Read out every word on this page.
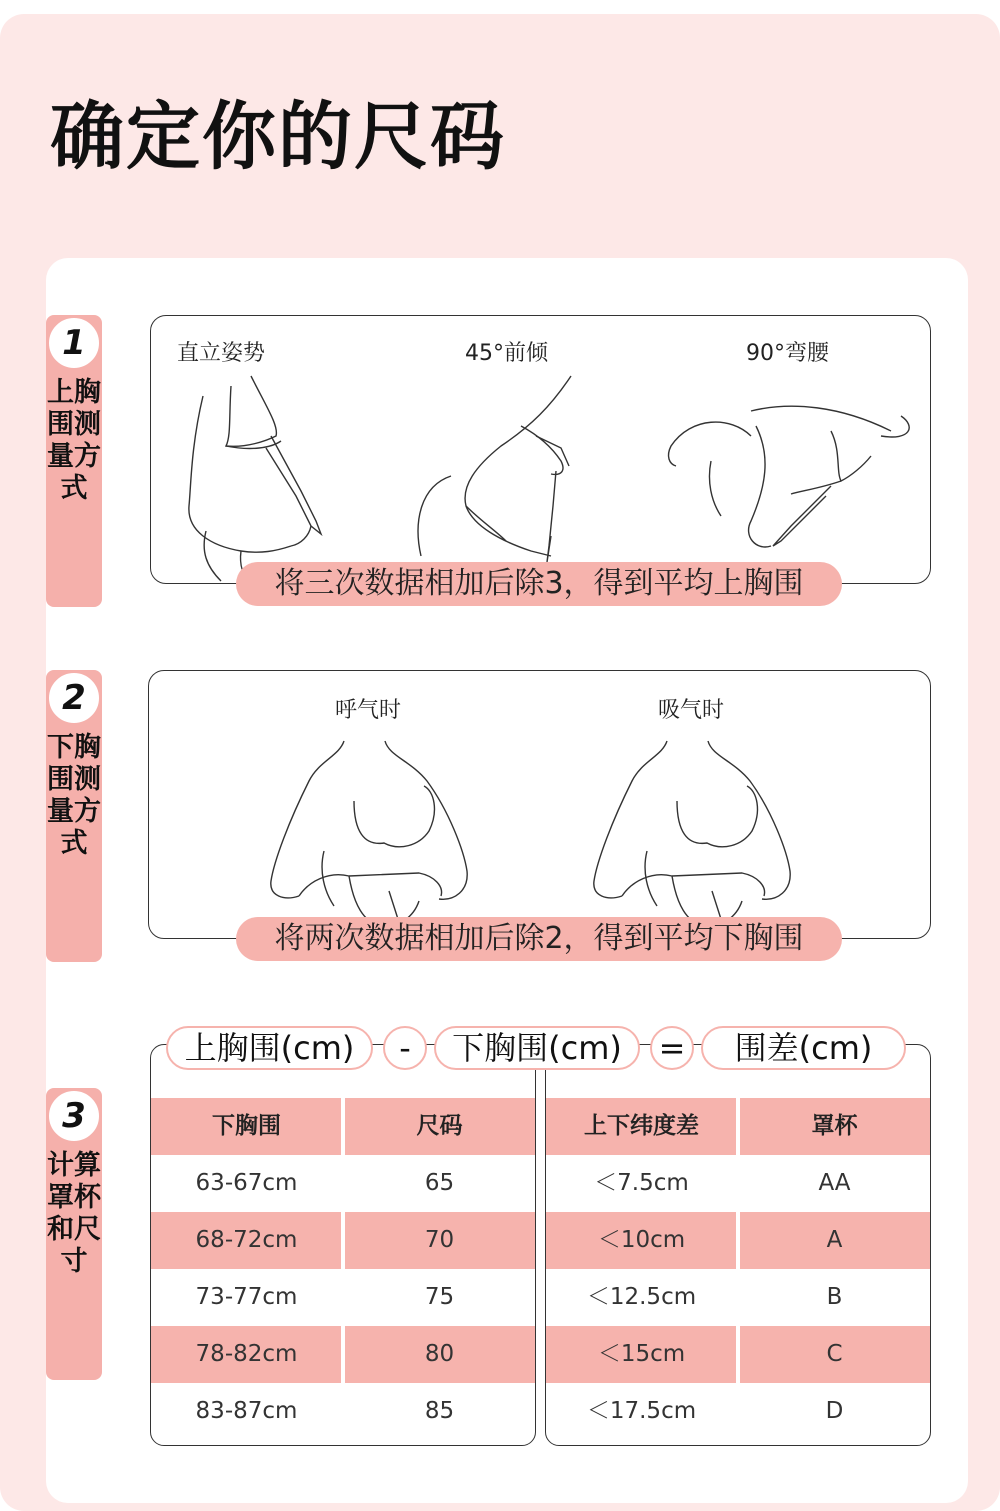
确定你的尺码
1
上胸围测量方式
直立姿势	45°前倾	90°弯腰
将三次数据相加后除3，得到平均上胸围
2
下胸围测量方式
呼气时	吸气时
将两次数据相加后除2，得到平均下胸围
3
计算罩杯和尺寸
下胸围	尺码
63-67cm	65
68-72cm	70
73-77cm	75
78-82cm	80
83-87cm	85
上下纬度差	罩杯
＜7.5cm	AA
＜10cm	A
＜12.5cm	B
＜15cm	C
＜17.5cm	D
上胸围(cm)	-	下胸围(cm)	=	围差(cm)
